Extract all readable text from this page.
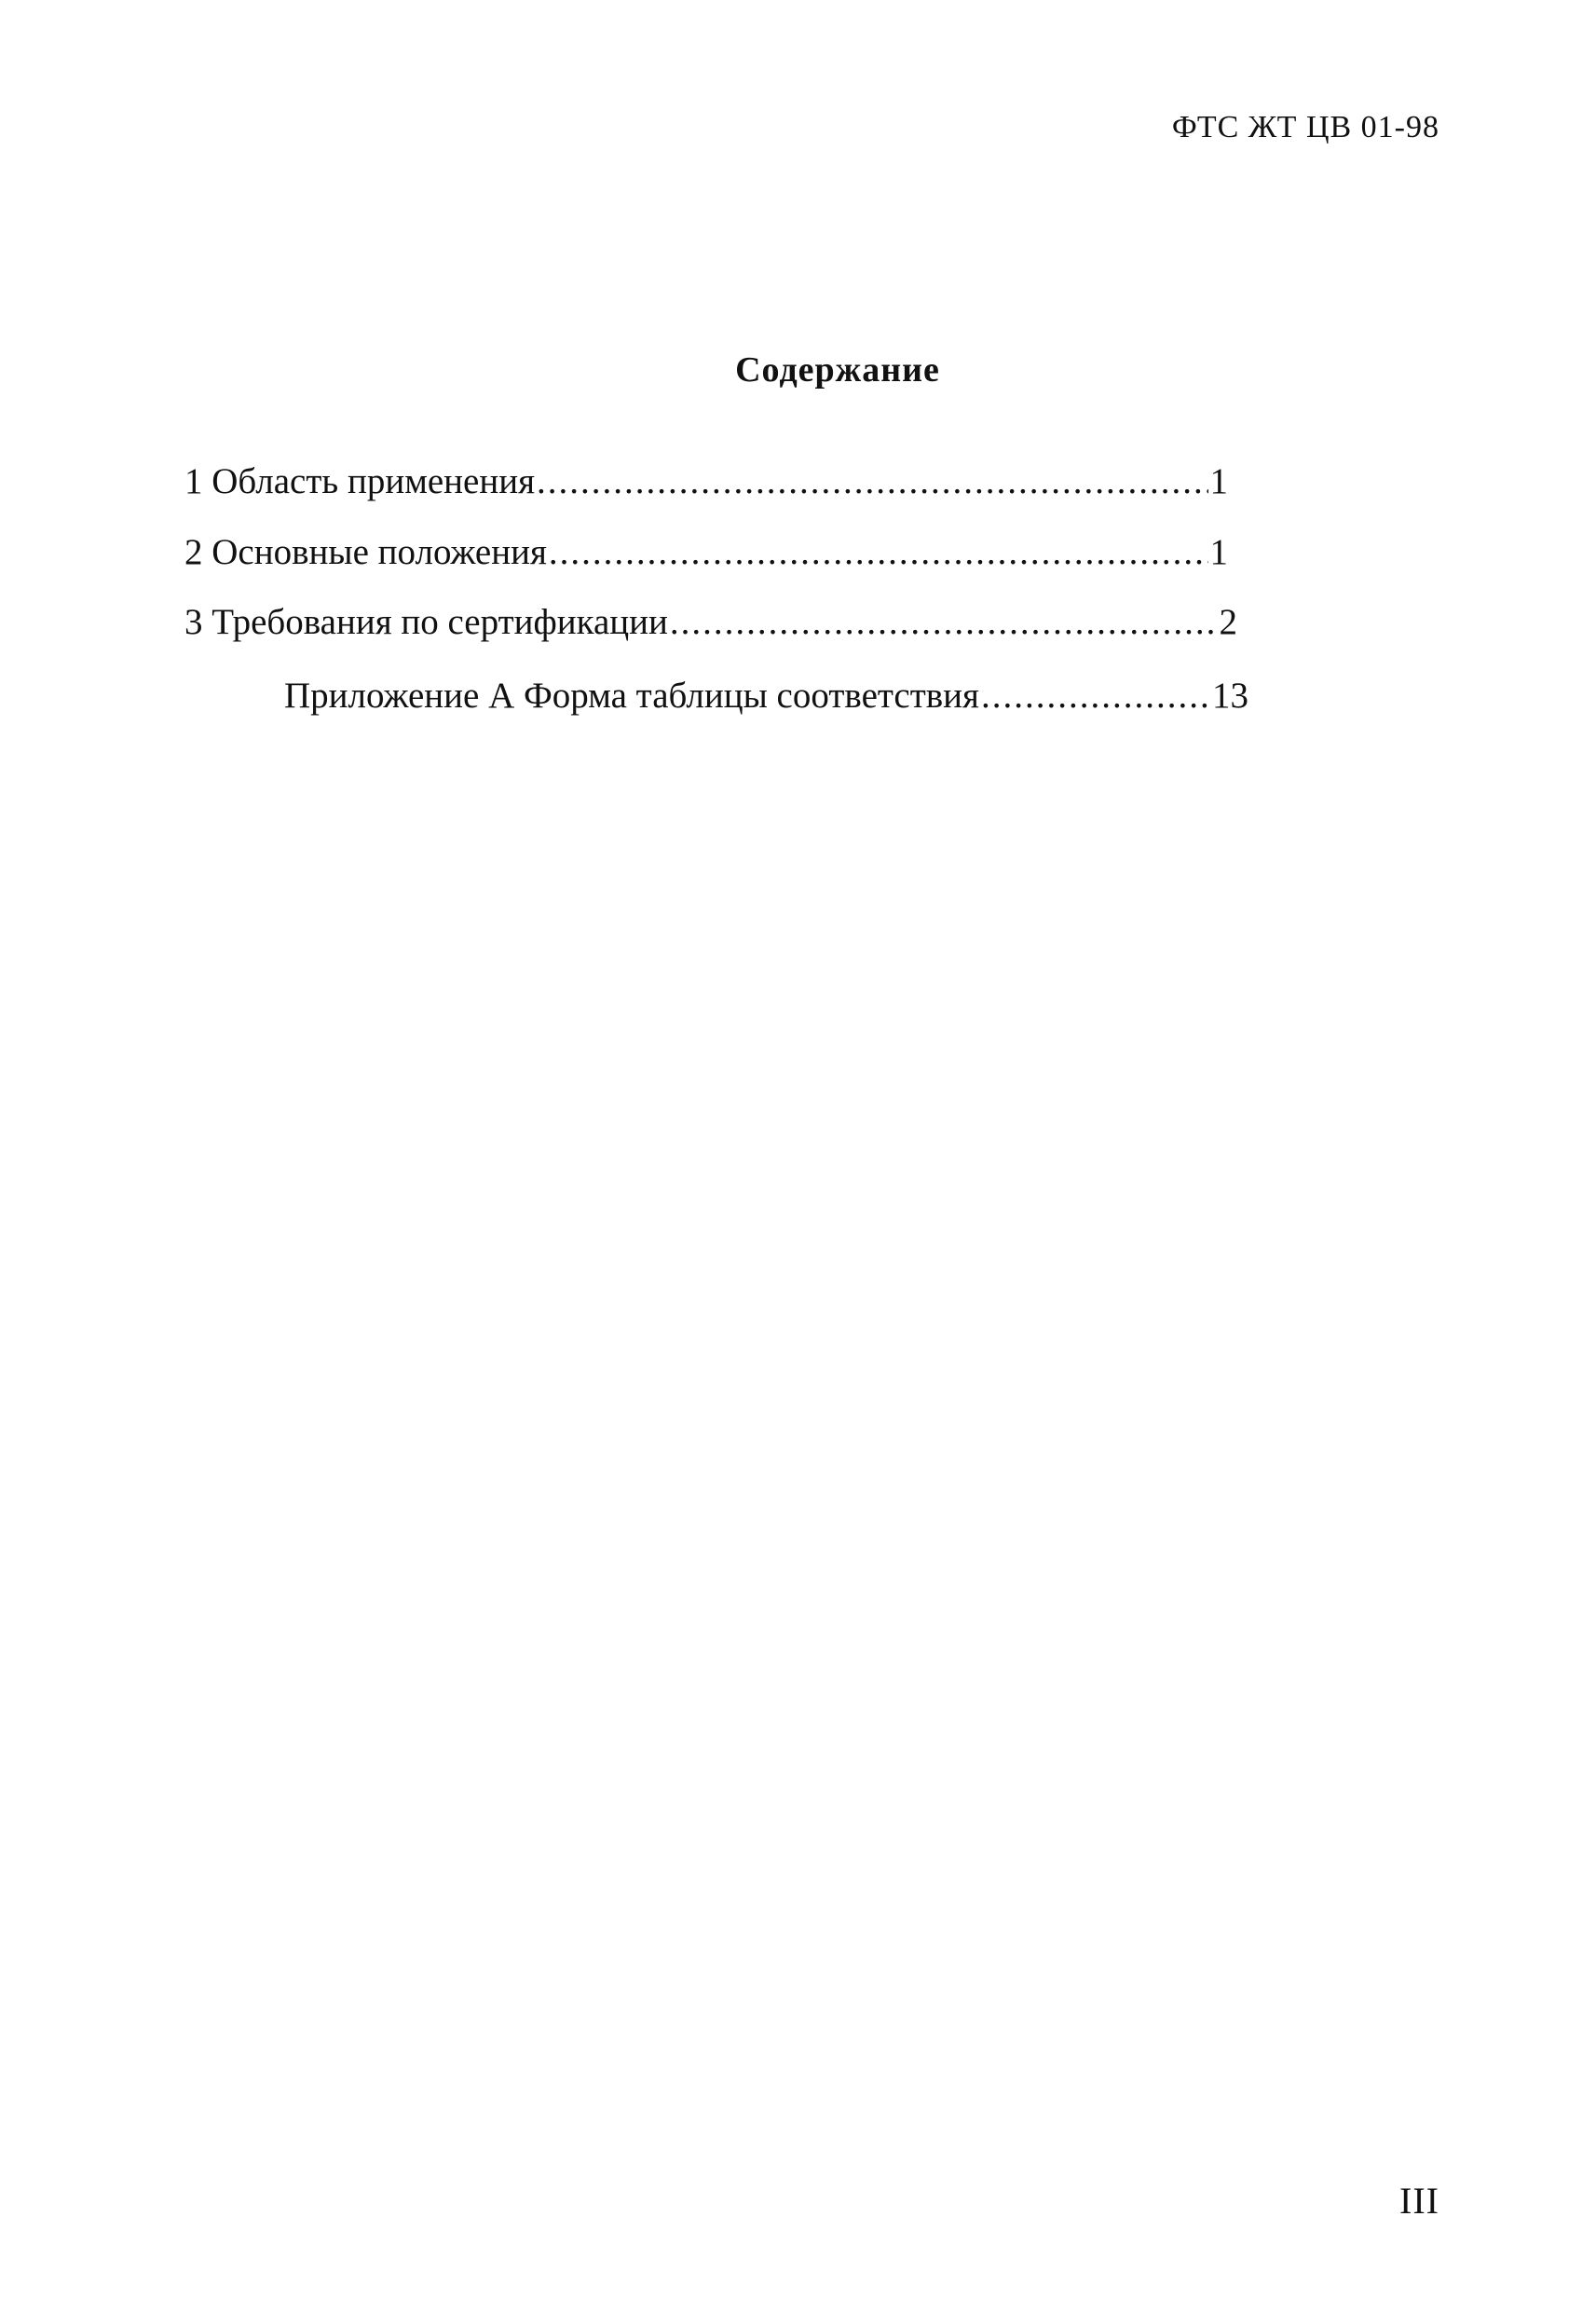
ФТС ЖТ ЦВ 01-98
Содержание
1 Область применения .....	1
2 Основные положения .....	1
3 Требования по сертификации .....	2
Приложение А Форма таблицы соответствия .....	13
III
